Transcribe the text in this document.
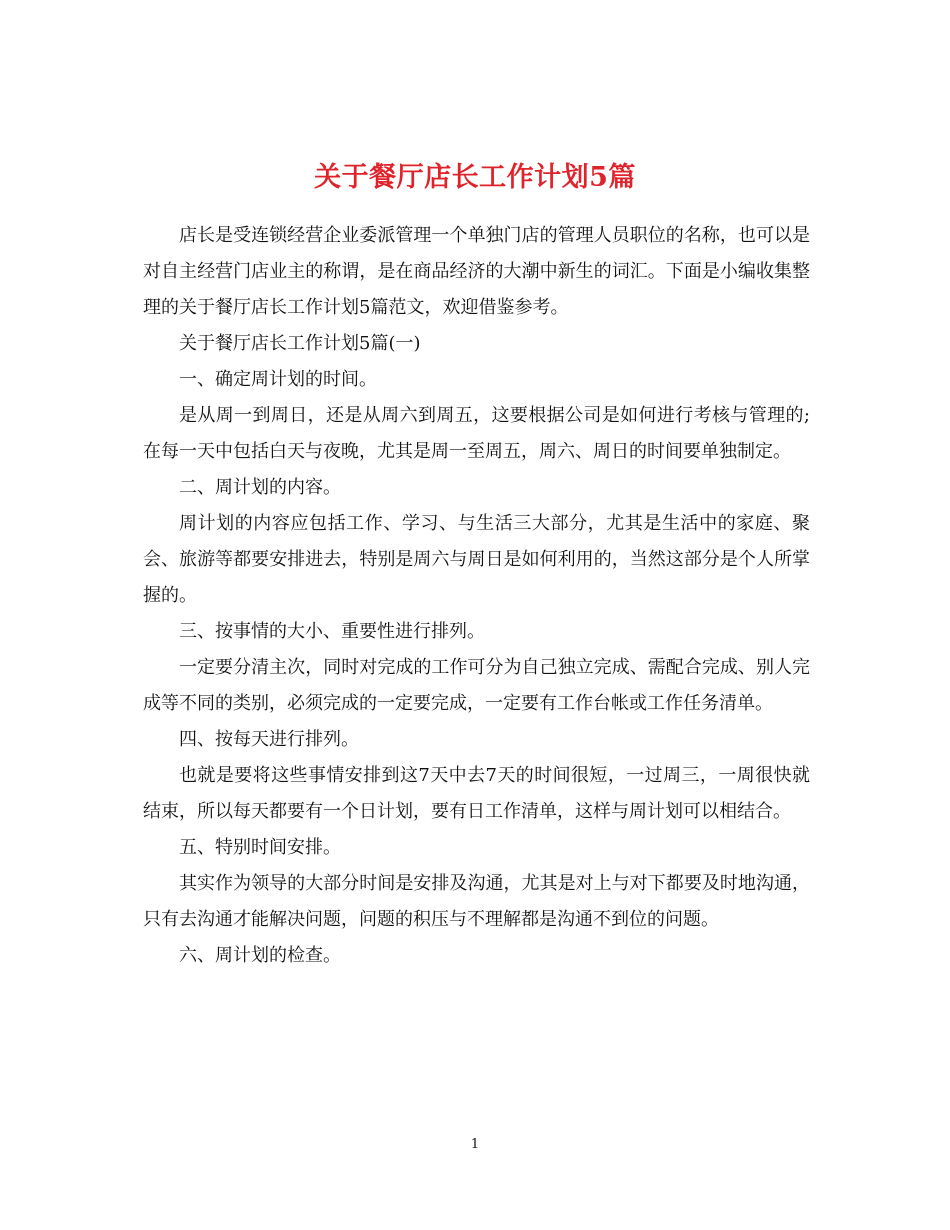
关于餐厅店长工作计划5篇

店长是受连锁经营企业委派管理一个单独门店的管理人员职位的名称，也可以是对自主经营门店业主的称谓，是在商品经济的大潮中新生的词汇。下面是小编收集整理的关于餐厅店长工作计划5篇范文，欢迎借鉴参考。

关于餐厅店长工作计划5篇(一)

一、确定周计划的时间。

是从周一到周日，还是从周六到周五，这要根据公司是如何进行考核与管理的;在每一天中包括白天与夜晚，尤其是周一至周五，周六、周日的时间要单独制定。

二、周计划的内容。

周计划的内容应包括工作、学习、与生活三大部分，尤其是生活中的家庭、聚会、旅游等都要安排进去，特别是周六与周日是如何利用的，当然这部分是个人所掌握的。

三、按事情的大小、重要性进行排列。

一定要分清主次，同时对完成的工作可分为自己独立完成、需配合完成、别人完成等不同的类别，必须完成的一定要完成，一定要有工作台帐或工作任务清单。

四、按每天进行排列。

也就是要将这些事情安排到这7天中去7天的时间很短，一过周三，一周很快就结束，所以每天都要有一个日计划，要有日工作清单，这样与周计划可以相结合。

五、特别时间安排。

其实作为领导的大部分时间是安排及沟通，尤其是对上与对下都要及时地沟通，只有去沟通才能解决问题，问题的积压与不理解都是沟通不到位的问题。

六、周计划的检查。

1
